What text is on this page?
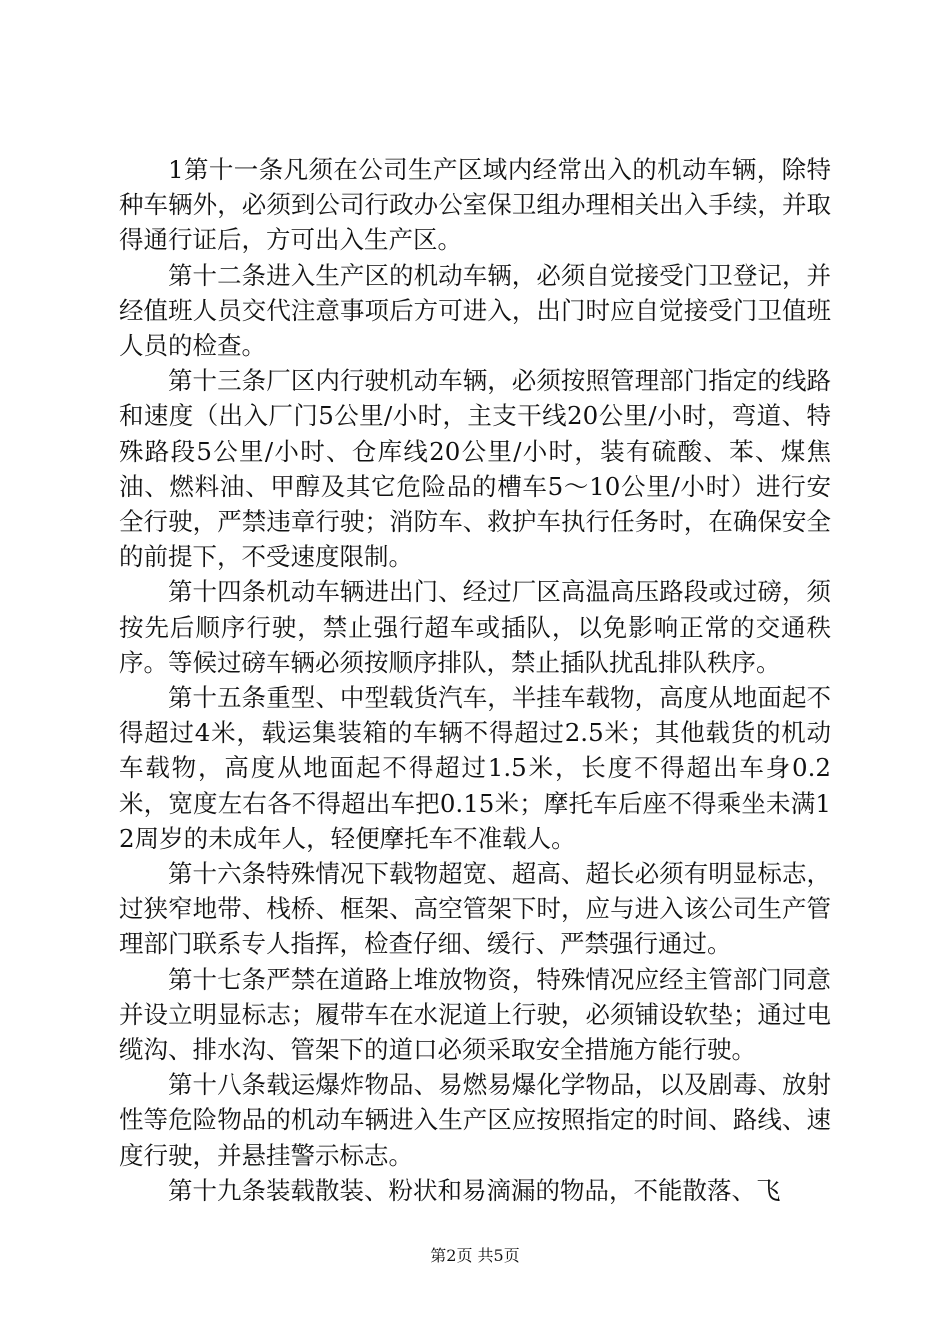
1第十一条凡须在公司生产区域内经常出入的机动车辆，除特种车辆外，必须到公司行政办公室保卫组办理相关出入手续，并取得通行证后，方可出入生产区。

第十二条进入生产区的机动车辆，必须自觉接受门卫登记，并经值班人员交代注意事项后方可进入，出门时应自觉接受门卫值班人员的检查。

第十三条厂区内行驶机动车辆，必须按照管理部门指定的线路和速度（出入厂门5公里/小时，主支干线20公里/小时，弯道、特殊路段5公里/小时、仓库线20公里/小时，装有硫酸、苯、煤焦油、燃料油、甲醇及其它危险品的槽车5～10公里/小时）进行安全行驶，严禁违章行驶；消防车、救护车执行任务时，在确保安全的前提下，不受速度限制。

第十四条机动车辆进出门、经过厂区高温高压路段或过磅，须按先后顺序行驶，禁止强行超车或插队，以免影响正常的交通秩序。等候过磅车辆必须按顺序排队，禁止插队扰乱排队秩序。

第十五条重型、中型载货汽车，半挂车载物，高度从地面起不得超过4米，载运集装箱的车辆不得超过2.5米；其他载货的机动车载物，高度从地面起不得超过1.5米，长度不得超出车身0.2米，宽度左右各不得超出车把0.15米；摩托车后座不得乘坐未满12周岁的未成年人，轻便摩托车不准载人。

第十六条特殊情况下载物超宽、超高、超长必须有明显标志，过狭窄地带、栈桥、框架、高空管架下时，应与进入该公司生产管理部门联系专人指挥，检查仔细、缓行、严禁强行通过。

第十七条严禁在道路上堆放物资，特殊情况应经主管部门同意并设立明显标志；履带车在水泥道上行驶，必须铺设软垫；通过电缆沟、排水沟、管架下的道口必须采取安全措施方能行驶。

第十八条载运爆炸物品、易燃易爆化学物品，以及剧毒、放射性等危险物品的机动车辆进入生产区应按照指定的时间、路线、速度行驶，并悬挂警示标志。

第十九条装载散装、粉状和易滴漏的物品，不能散落、飞

第2页 共5页
